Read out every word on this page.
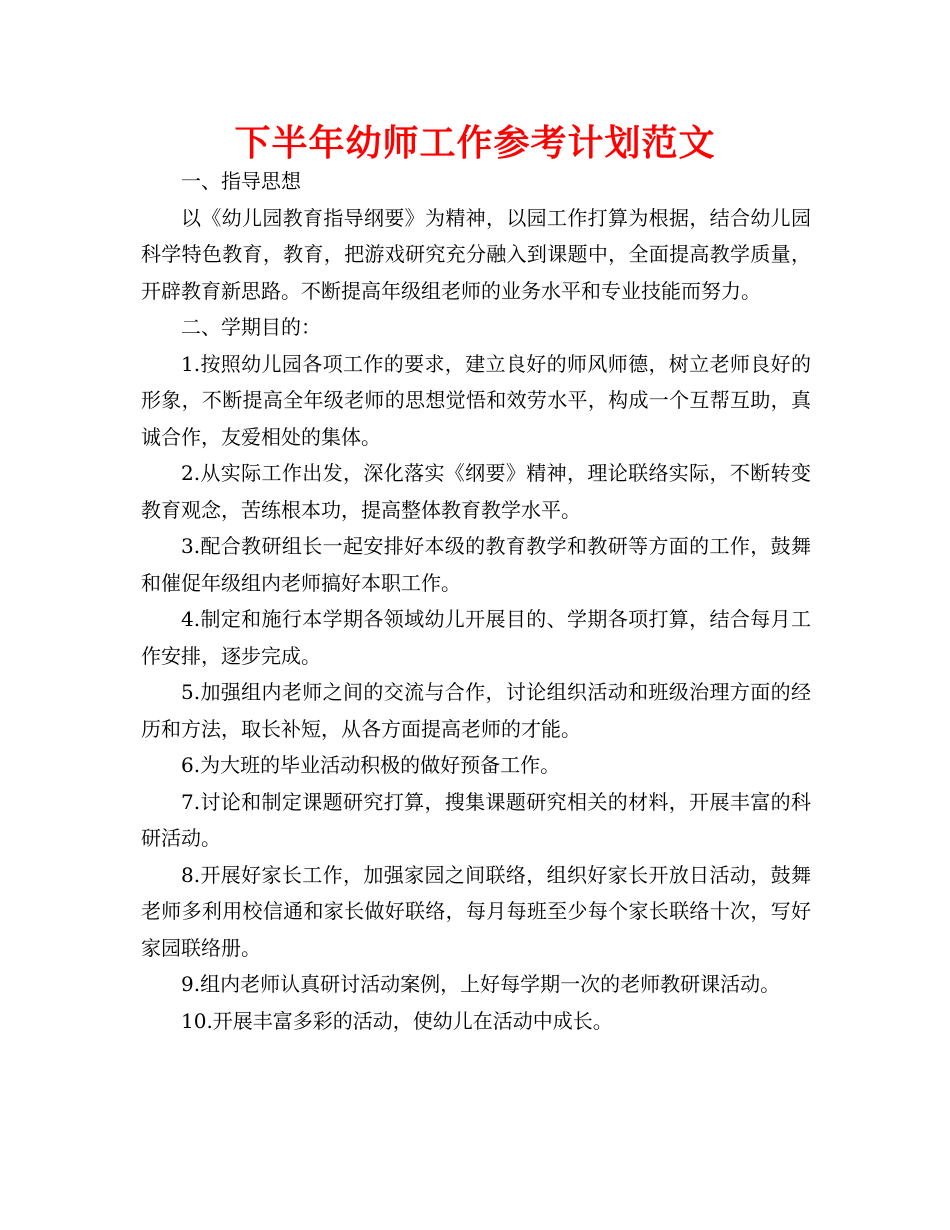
下半年幼师工作参考计划范文

一、指导思想

以《幼儿园教育指导纲要》为精神，以园工作打算为根据，结合幼儿园科学特色教育，教育，把游戏研究充分融入到课题中，全面提高教学质量，开辟教育新思路。不断提高年级组老师的业务水平和专业技能而努力。

二、学期目的：

1.按照幼儿园各项工作的要求，建立良好的师风师德，树立老师良好的形象，不断提高全年级老师的思想觉悟和效劳水平，构成一个互帮互助，真诚合作，友爱相处的集体。

2.从实际工作出发，深化落实《纲要》精神，理论联络实际，不断转变教育观念，苦练根本功，提高整体教育教学水平。

3.配合教研组长一起安排好本级的教育教学和教研等方面的工作，鼓舞和催促年级组内老师搞好本职工作。

4.制定和施行本学期各领域幼儿开展目的、学期各项打算，结合每月工作安排，逐步完成。

5.加强组内老师之间的交流与合作，讨论组织活动和班级治理方面的经历和方法，取长补短，从各方面提高老师的才能。

6.为大班的毕业活动积极的做好预备工作。

7.讨论和制定课题研究打算，搜集课题研究相关的材料，开展丰富的科研活动。

8.开展好家长工作，加强家园之间联络，组织好家长开放日活动，鼓舞老师多利用校信通和家长做好联络，每月每班至少每个家长联络十次，写好家园联络册。

9.组内老师认真研讨活动案例，上好每学期一次的老师教研课活动。

10.开展丰富多彩的活动，使幼儿在活动中成长。
